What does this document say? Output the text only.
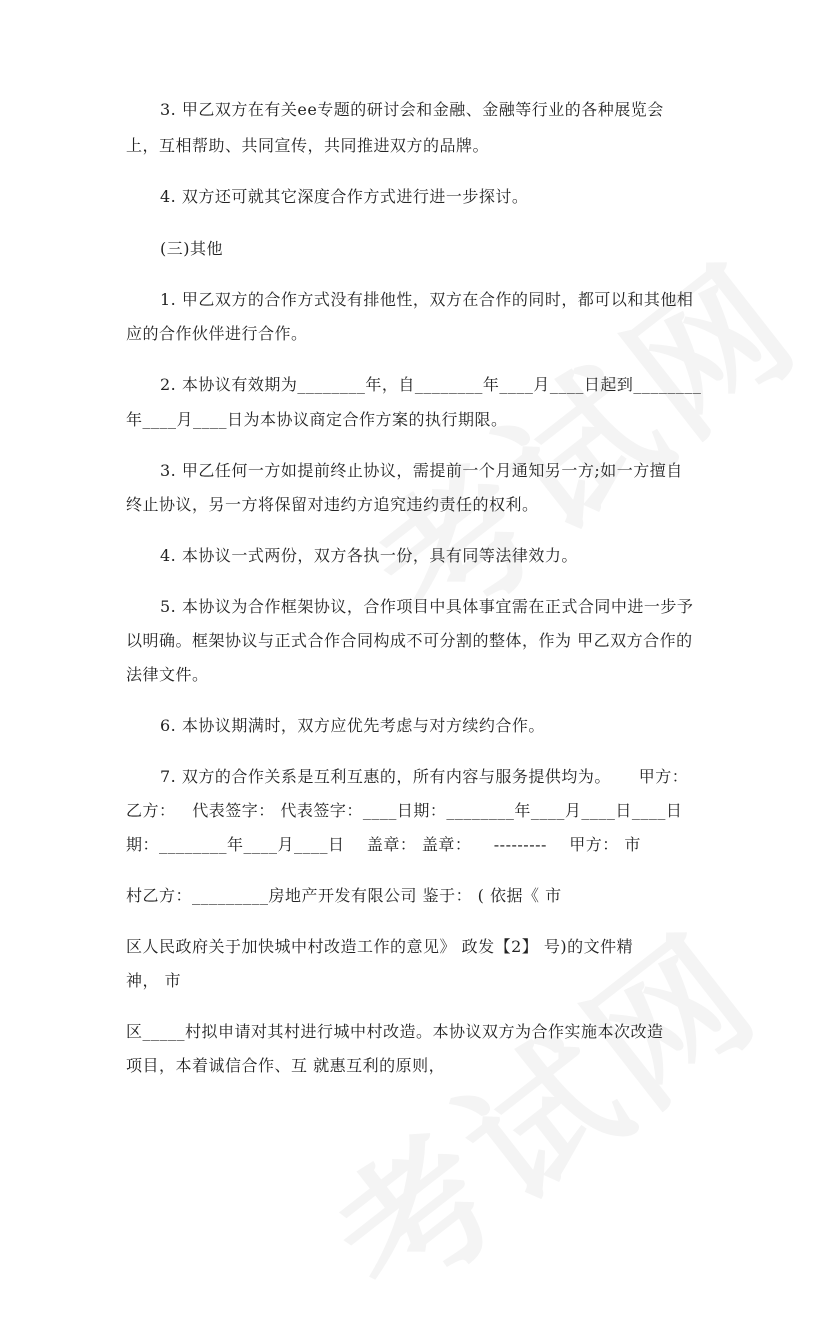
3. 甲乙双方在有关ee专题的研讨会和金融、金融等行业的各种展览会
上，互相帮助、共同宣传，共同推进双方的品牌。
4. 双方还可就其它深度合作方式进行进一步探讨。
(三)其他
1. 甲乙双方的合作方式没有排他性，双方在合作的同时，都可以和其他相
应的合作伙伴进行合作。
2. 本协议有效期为________年，自________年____月____日起到________
年____月____日为本协议商定合作方案的执行期限。
3. 甲乙任何一方如提前终止协议，需提前一个月通知另一方;如一方擅自
终止协议，另一方将保留对违约方追究违约责任的权利。
4. 本协议一式两份，双方各执一份，具有同等法律效力。
5. 本协议为合作框架协议，合作项目中具体事宜需在正式合同中进一步予
以明确。框架协议与正式合作合同构成不可分割的整体，作为 甲乙双方合作的
法律文件。
6. 本协议期满时，双方应优先考虑与对方续约合作。
7. 双方的合作关系是互利互惠的，所有内容与服务提供均为。     甲方：
乙方：   代表签字： 代表签字：____日期：________年____月____日____日
期：________年____月____日    盖章： 盖章：    ---------    甲方： 市
村乙方：_________房地产开发有限公司 鉴于： ( 依据《 市
区人民政府关于加快城中村改造工作的意见》 政发【2】 号)的文件精
神， 市
区_____村拟申请对其村进行城中村改造。本协议双方为合作实施本次改造
项目，本着诚信合作、互 就惠互利的原则，
